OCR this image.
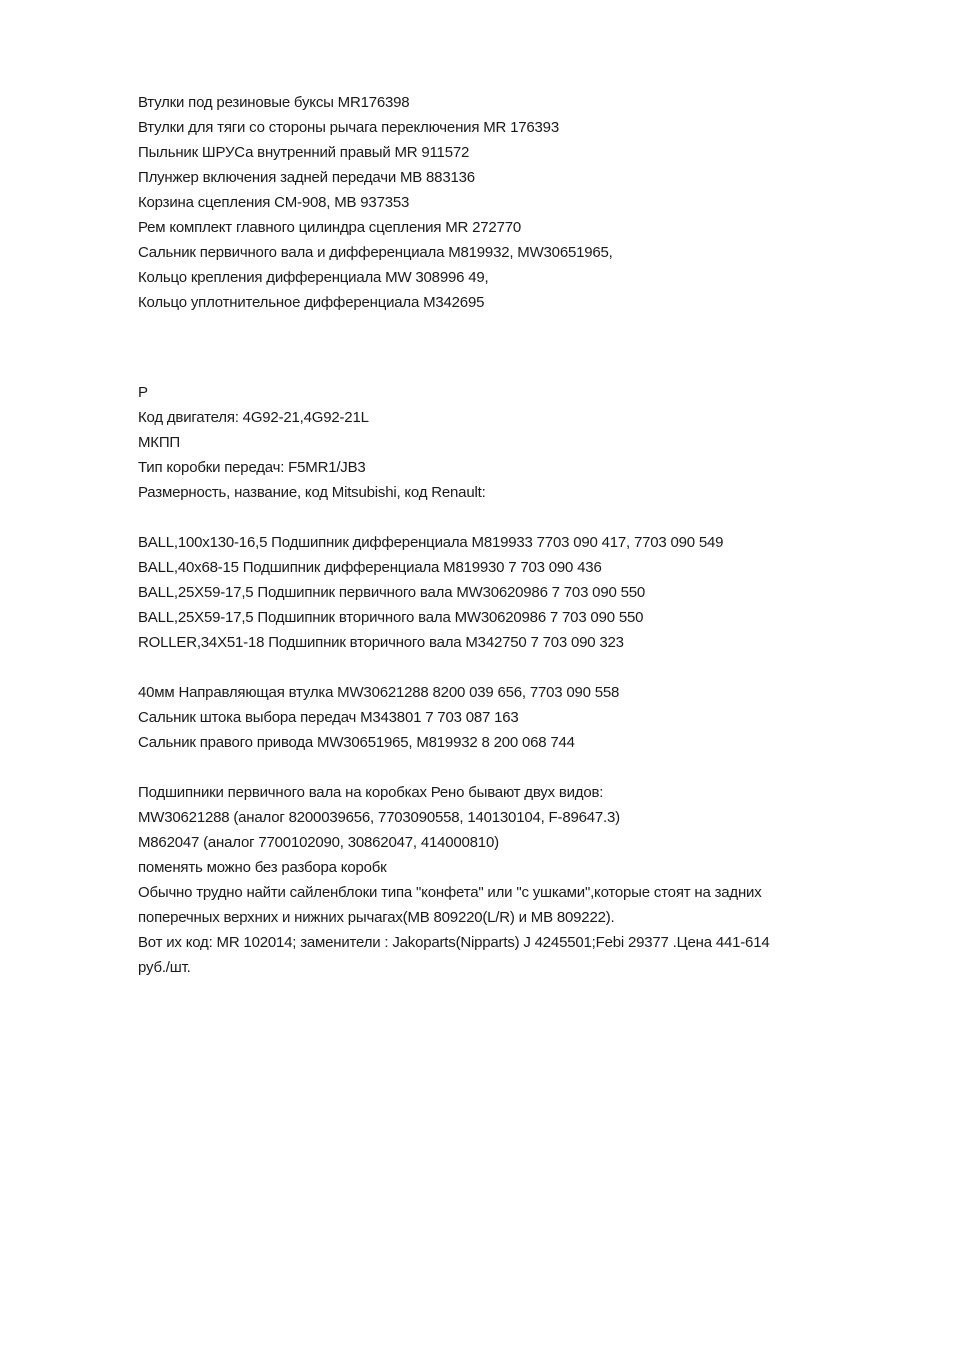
Втулки под резиновые буксы MR176398
Втулки для тяги со стороны рычага переключения MR 176393
Пыльник ШРУСа внутренний правый MR 911572
Плунжер включения задней передачи MB 883136
Корзина сцепления CM-908, MB 937353
Рем комплект главного цилиндра сцепления MR 272770
Сальник первичного вала и дифференциала M819932, MW30651965,
Кольцо крепления дифференциала MW 308996 49,
Кольцо уплотнительное дифференциала M342695
Р
Код двигателя: 4G92-21,4G92-21L
МКПП
Тип коробки передач: F5MR1/JB3
Размерность, название, код Mitsubishi, код Renault:
BALL,100x130-16,5 Подшипник дифференциала M819933 7703 090 417, 7703 090 549
BALL,40x68-15 Подшипник дифференциала M819930 7 703 090 436
BALL,25X59-17,5 Подшипник первичного вала MW30620986 7 703 090 550
BALL,25X59-17,5 Подшипник вторичного вала MW30620986 7 703 090 550
ROLLER,34X51-18 Подшипник вторичного вала M342750 7 703 090 323
40мм Направляющая втулка MW30621288 8200 039 656, 7703 090 558
Сальник штока выбора передач M343801 7 703 087 163
Сальник правого привода MW30651965, M819932 8 200 068 744
Подшипники первичного вала на коробках Рено бывают двух видов:
MW30621288 (аналог 8200039656, 7703090558, 140130104, F-89647.3)
M862047 (аналог 7700102090, 30862047, 414000810)
поменять можно без разбора коробк
Обычно трудно найти сайленблоки типа "конфета" или "с ушками",которые стоят на задних
поперечных верхних и нижних рычагах(MB 809220(L/R) и MB 809222).
Вот их код: MR 102014; заменители : Jakoparts(Nipparts) J 4245501;Febi 29377 .Цена 441-614
руб./шт.
